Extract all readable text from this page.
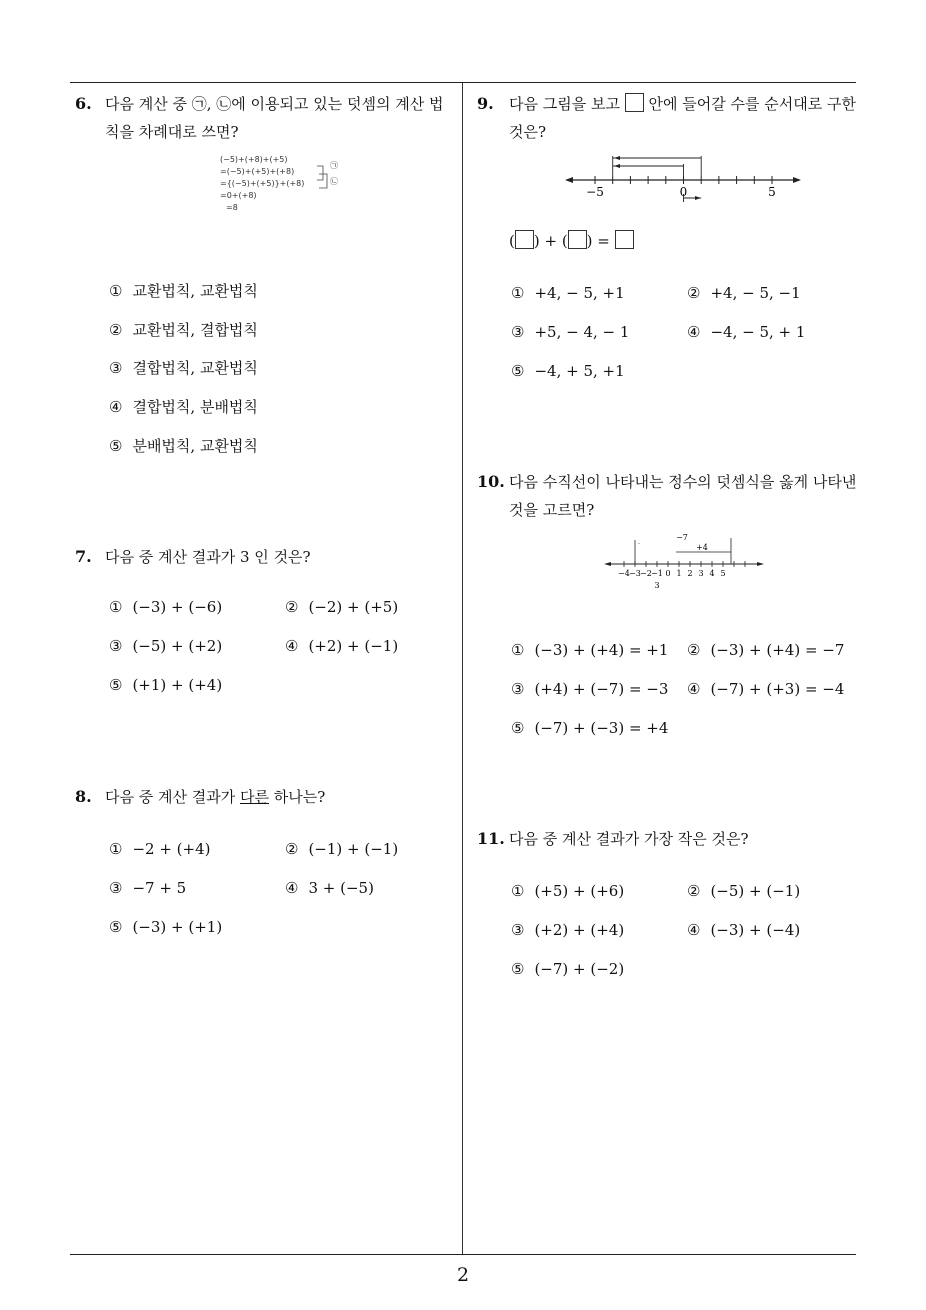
6. 다음 계산 중 ㉠, ㉡에 이용되고 있는 덧셈의 계산 법
칙을 차례대로 쓰면?
(−5)+(+8)+(+5)
=(−5)+(+5)+(+8)
={(−5)+(+5)}+(+8)
=0+(+8)
=8
㉠
㉡
① 교환법칙, 교환법칙
② 교환법칙, 결합법칙
③ 결합법칙, 교환법칙
④ 결합법칙, 분배법칙
⑤ 분배법칙, 교환법칙
7. 다음 중 계산 결과가 3 인 것은?
① (−3) + (−6)	② (−2) + (+5)
③ (−5) + (+2)	④ (+2) + (−1)
⑤ (+1) + (+4)
8. 다음 중 계산 결과가 다른 하나는?
① −2 + (+4)	② (−1) + (−1)
③ −7 + 5	④ 3 + (−5)
⑤ (−3) + (+1)
9. 다음 그림을 보고 안에 들어갈 수를 순서대로 구한
것은?
−5	0	5
( ) + ( ) =
① +4, − 5, +1	② +4, − 5, −1
③ +5, − 4, − 1	④ −4, − 5, + 1
⑤ −4, + 5, +1
10. 다음 수직선이 나타내는 정수의 덧셈식을 옳게 나타낸
것을 고르면?
−7
+4
·
−4 −3 −2 −1 0 1 2 3 4 5
3
① (−3) + (+4) = +1 ② (−3) + (+4) = −7
③ (+4) + (−7) = −3 ④ (−7) + (+3) = −4
⑤ (−7) + (−3) = +4
11. 다음 중 계산 결과가 가장 작은 것은?
① (+5) + (+6)	② (−5) + (−1)
③ (+2) + (+4)	④ (−3) + (−4)
⑤ (−7) + (−2)
2
